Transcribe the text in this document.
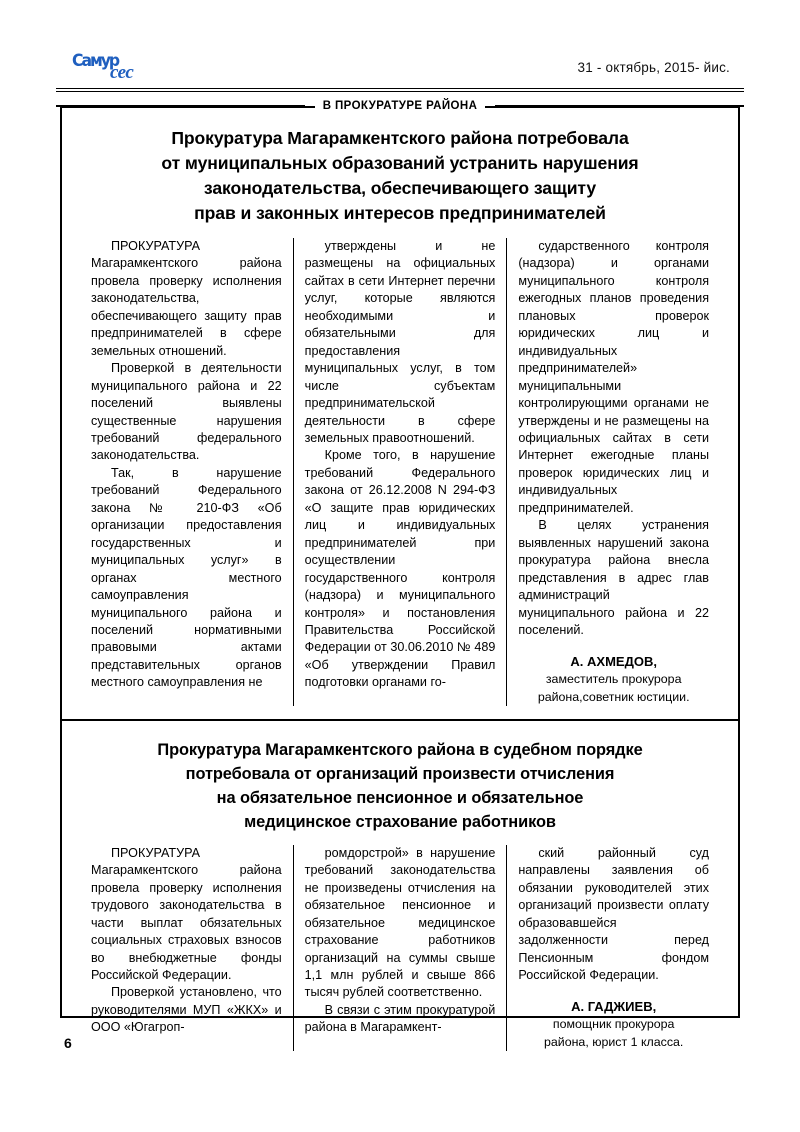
Самур
сес	31 - октябрь, 2015- йис.
В ПРОКУРАТУРЕ РАЙОНА
Прокуратура Магарамкентского района потребовала
от муниципальных образований устранить нарушения
законодательства, обеспечивающего защиту
прав и законных интересов предпринимателей

ПРОКУРАТУРА Магарамкентского района провела проверку исполнения законодательства, обеспечивающего защиту прав предпринимателей в сфере земельных отношений.

Проверкой в деятельности муниципального района и 22 поселений выявлены существенные нарушения требований федерального законодательства.

Так, в нарушение требований Федерального закона № 210-ФЗ «Об организации предоставления государственных и муниципальных услуг» в органах местного самоуправления муниципального района и поселений нормативными правовыми актами представительных органов местного самоуправления не

утверждены и не размещены на официальных сайтах в сети Интернет перечни услуг, которые являются необходимыми и обязательными для предоставления муниципальных услуг, в том числе субъектам предпринимательской деятельности в сфере земельных правоотношений.

Кроме того, в нарушение требований Федерального закона от 26.12.2008 N 294-ФЗ «О защите прав юридических лиц и индивидуальных предпринимателей при осуществлении государственного контроля (надзора) и муниципального контроля» и постановления Правительства Российской Федерации от 30.06.2010 № 489 «Об утверждении Правил подготовки органами го-

сударственного контроля (надзора) и органами муниципального контроля ежегодных планов проведения плановых проверок юридических лиц и индивидуальных предпринимателей» муниципальными контролирующими органами не утверждены и не размещены на официальных сайтах в сети Интернет ежегодные планы проверок юридических лиц и индивидуальных предпринимателей.

В целях устранения выявленных нарушений закона прокуратура района внесла представления в адрес глав администраций муниципального района и 22 поселений.

А. АХМЕДОВ,
заместитель прокурора
района,советник юстиции.
Прокуратура Магарамкентского района в судебном порядке
потребовала от организаций произвести отчисления
на обязательное пенсионное и обязательное
медицинское страхование работников

ПРОКУРАТУРА Магарамкентского района провела проверку исполнения трудового законодательства в части выплат обязательных социальных страховых взносов во внебюджетные фонды Российской Федерации.

Проверкой установлено, что руководителями МУП «ЖКХ» и ООО «Югагроп-

ромдорстрой» в нарушение требований законодательства не произведены отчисления на обязательное пенсионное и обязательное медицинское страхование работников организаций на суммы свыше 1,1 млн рублей и свыше 866 тысяч рублей соответственно.

В связи с этим прокуратурой района в Магарамкент-

ский районный суд направлены заявления об обязании руководителей этих организаций произвести оплату образовавшейся задолженности перед Пенсионным фондом Российской Федерации.

А. ГАДЖИЕВ,
помощник прокурора
района, юрист 1 класса.
6
